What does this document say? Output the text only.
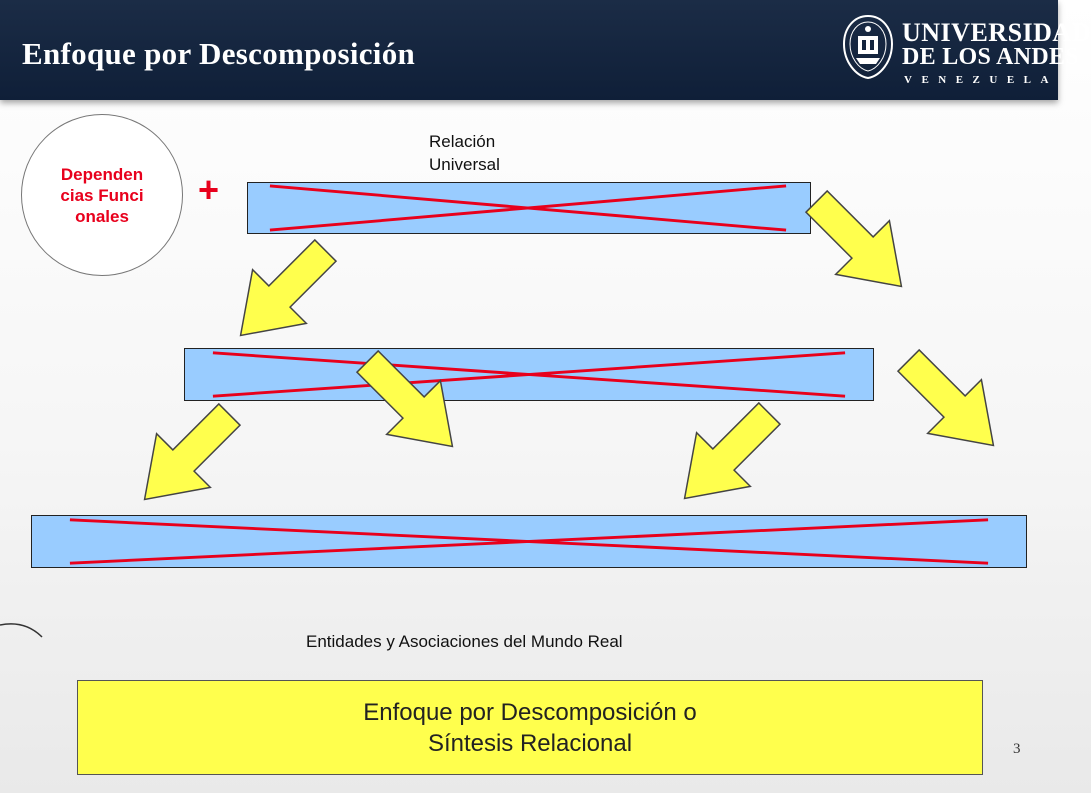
Enfoque por Descomposición
UNIVERSIDAD
DE LOS ANDES
VENEZUELA
Dependencias Funcionales
+
Relación Universal
Entidades y Asociaciones del Mundo Real
Enfoque por Descomposición o
Síntesis Relacional	3
